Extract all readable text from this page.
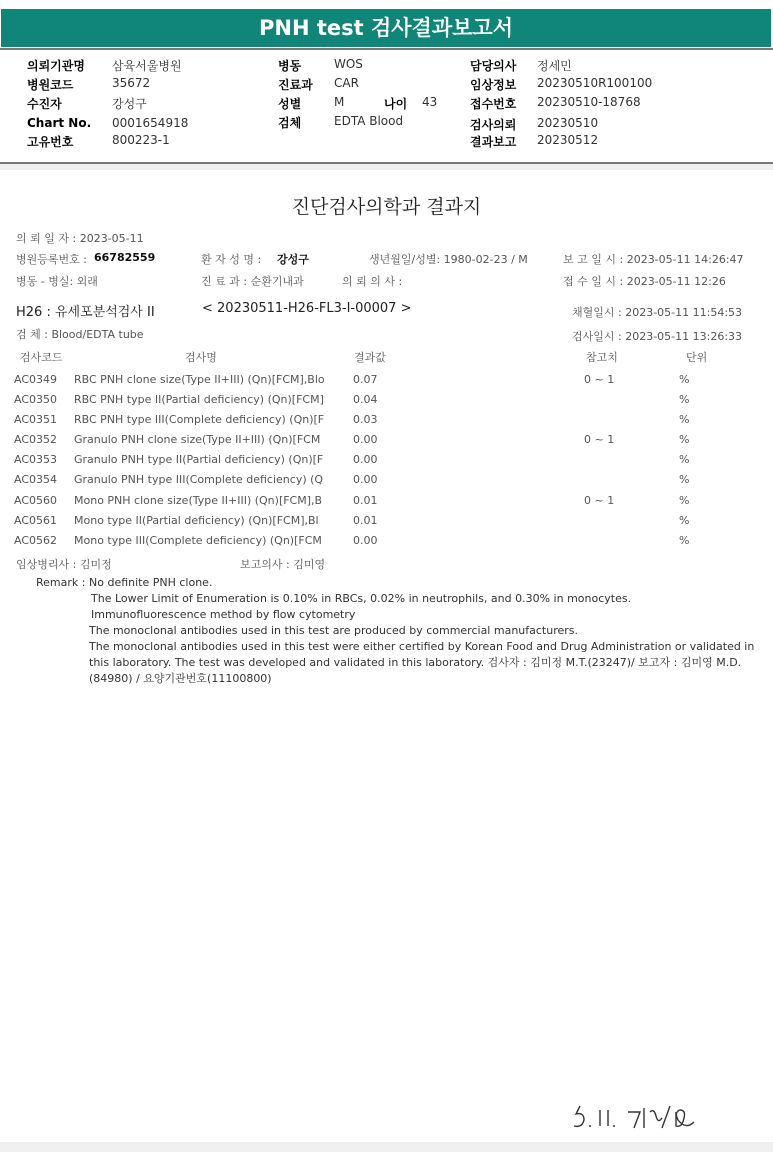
PNH test 검사결과보고서
의뢰기관명 삼육서울병원
병원코드	35672
수진자	강성구
Chart No. 0001654918
고유번호	800223-1
병동	WOS
진료과 CAR
성별	M	나이 43
검체	EDTA Blood
담당의사 정세민
임상정보 20230510R100100
접수번호 20230510-18768
검사의뢰 20230510
결과보고 20230512
진단검사의학과 결과지
의 뢰 일 자 : 2023-05-11
병원등록번호 : 66782559	환 자 성 명 : 강성구	생년월일/성별: 1980-02-23 / M	보 고 일 시 : 2023-05-11 14:26:47
병동 - 병실: 외래	진 료 과 : 순환기내과	의 뢰 의 사 :	접 수 일 시 : 2023-05-11 12:26
H26 : 유세포분석검사 II	< 20230511-H26-FL3-I-00007 >	채혈일시 : 2023-05-11 11:54:53
검 체 : Blood/EDTA tube	검사일시 : 2023-05-11 13:26:33
검사코드	검사명	결과값	참고치	단위
AC0349 RBC PNH clone size(Type II+III) (Qn)[FCM],Blo	0.07	0 ~ 1	%
AC0350 RBC PNH type II(Partial deficiency) (Qn)[FCM]	0.04	%
AC0351 RBC PNH type III(Complete deficiency) (Qn)[F	0.03	%
AC0352 Granulo PNH clone size(Type II+III) (Qn)[FCM	0.00	0 ~ 1	%
AC0353 Granulo PNH type II(Partial deficiency) (Qn)[F	0.00	%
AC0354 Granulo PNH type III(Complete deficiency) (Q	0.00	%
AC0560 Mono PNH clone size(Type II+III) (Qn)[FCM],B	0.01	0 ~ 1	%
AC0561 Mono type II(Partial deficiency) (Qn)[FCM],Bl	0.01	%
AC0562 Mono type III(Complete deficiency) (Qn)[FCM	0.00	%
임상병리사 : 김미정	보고의사 : 김미영
Remark : No definite PNH clone.
The Lower Limit of Enumeration is 0.10% in RBCs, 0.02% in neutrophils, and 0.30% in monocytes.
Immunofluorescence method by flow cytometry
The monoclonal antibodies used in this test are produced by commercial manufacturers.
The monoclonal antibodies used in this test were either certified by Korean Food and Drug Administration or validated in
this laboratory. The test was developed and validated in this laboratory. 검사자 : 김미정 M.T.(23247)/ 보고자 : 김미영 M.D.
(84980) / 요양기관번호(11100800)
